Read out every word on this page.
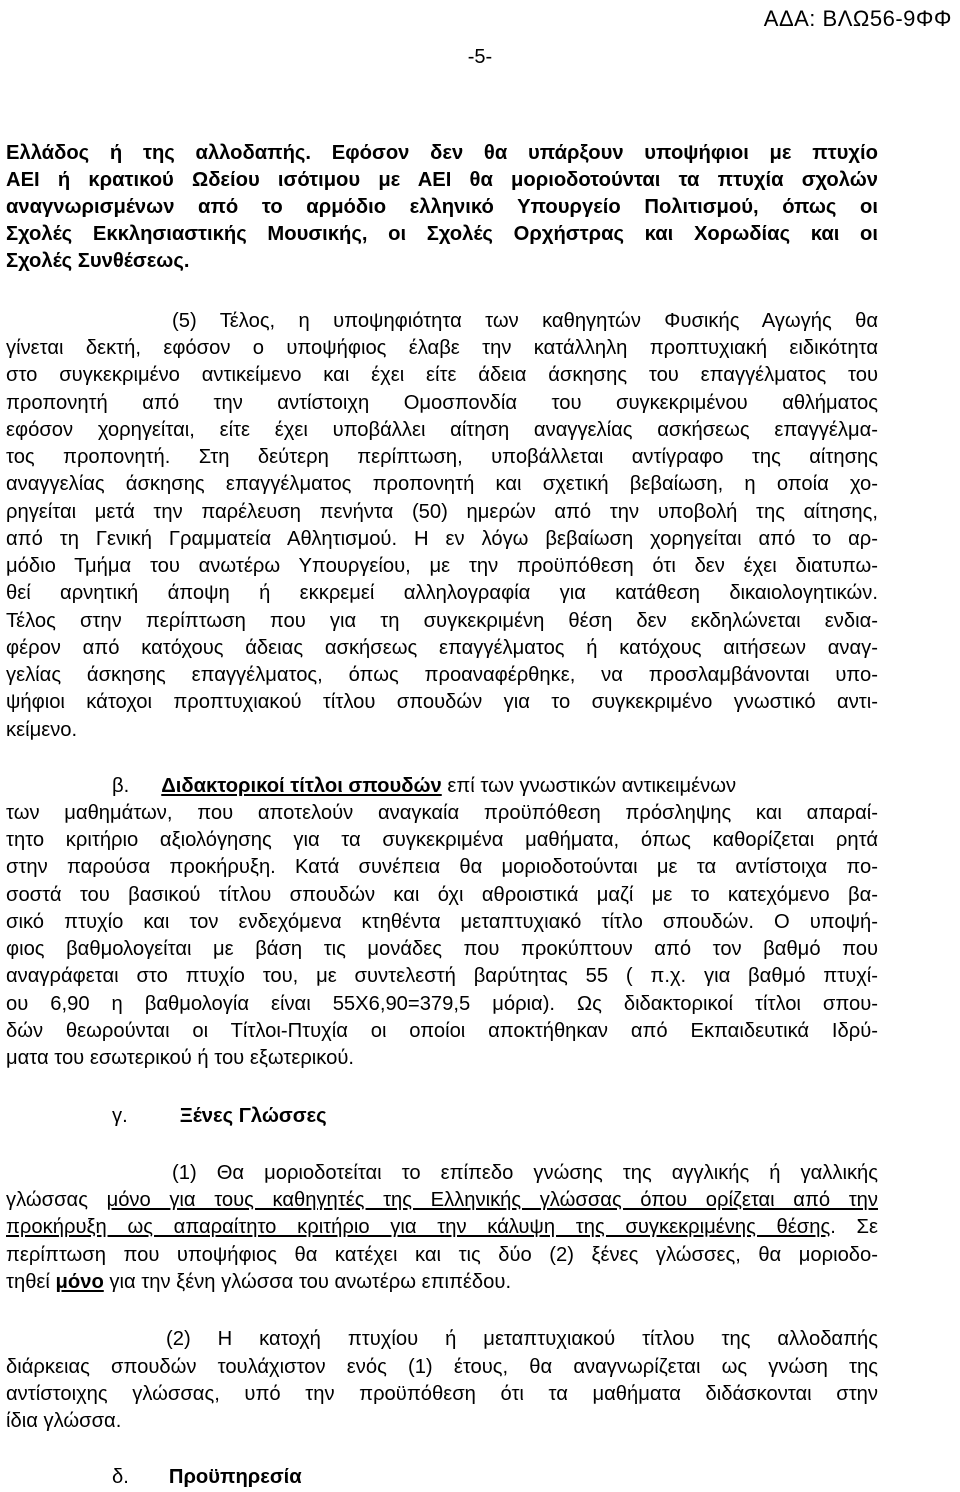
ΑΔΑ: ΒΛΩ56-9ΦΦ
-5-
Ελλάδος ή της αλλοδαπής. Εφόσον δεν θα υπάρξουν υποψήφιοι με πτυχίο
ΑΕΙ ή κρατικού Ωδείου ισότιμου με ΑΕΙ θα μοριοδοτούνται τα πτυχία σχολών
αναγνωρισμένων από το αρμόδιο ελληνικό Υπουργείο Πολιτισμού, όπως οι
Σχολές Εκκλησιαστικής Μουσικής, οι Σχολές Ορχήστρας και Χορωδίας και οι
Σχολές Συνθέσεως.
(5) Τέλος, η υποψηφιότητα των καθηγητών Φυσικής Αγωγής θα
γίνεται δεκτή, εφόσον ο υποψήφιος έλαβε την κατάλληλη προπτυχιακή ειδικότητα
στο συγκεκριμένο αντικείμενο και έχει είτε άδεια άσκησης του επαγγέλματος του
προπονητή από την αντίστοιχη Ομοσπονδία του συγκεκριμένου αθλήματος
εφόσον χορηγείται, είτε έχει υποβάλλει αίτηση αναγγελίας ασκήσεως επαγγέλμα-
τος προπονητή. Στη δεύτερη περίπτωση, υποβάλλεται αντίγραφο της αίτησης
αναγγελίας άσκησης επαγγέλματος προπονητή και σχετική βεβαίωση, η οποία χο-
ρηγείται μετά την παρέλευση πενήντα (50) ημερών από την υποβολή της αίτησης,
από τη Γενική Γραμματεία Αθλητισμού. Η εν λόγω βεβαίωση χορηγείται από το αρ-
μόδιο Τμήμα του ανωτέρω Υπουργείου, με την προϋπόθεση ότι δεν έχει διατυπω-
θεί αρνητική άποψη ή εκκρεμεί αλληλογραφία για κατάθεση δικαιολογητικών.
Τέλος στην περίπτωση που για τη συγκεκριμένη θέση δεν εκδηλώνεται ενδια-
φέρον από κατόχους άδειας ασκήσεως επαγγέλματος ή κατόχους αιτήσεων αναγ-
γελίας άσκησης επαγγέλματος, όπως προαναφέρθηκε, να προσλαμβάνονται υπο-
ψήφιοι κάτοχοι προπτυχιακού τίτλου σπουδών για το συγκεκριμένο γνωστικό αντι-
κείμενο.
β. Διδακτορικοί τίτλοι σπουδών επί των γνωστικών αντικειμένων
των μαθημάτων, που αποτελούν αναγκαία προϋπόθεση πρόσληψης και απαραί-
τητο κριτήριο αξιολόγησης για τα συγκεκριμένα μαθήματα, όπως καθορίζεται ρητά
στην παρούσα προκήρυξη. Κατά συνέπεια θα μοριοδοτούνται με τα αντίστοιχα πο-
σοστά του βασικού τίτλου σπουδών και όχι αθροιστικά μαζί με το κατεχόμενο βα-
σικό πτυχίο και τον ενδεχόμενα κτηθέντα μεταπτυχιακό τίτλο σπουδών. Ο υποψή-
φιος βαθμολογείται με βάση τις μονάδες που προκύπτουν από τον βαθμό που
αναγράφεται στο πτυχίο του, με συντελεστή βαρύτητας 55 ( π.χ. για βαθμό πτυχί-
ου 6,90 η βαθμολογία είναι 55Χ6,90=379,5 μόρια). Ως διδακτορικοί τίτλοι σπου-
δών θεωρούνται οι Τίτλοι-Πτυχία οι οποίοι αποκτήθηκαν από Εκπαιδευτικά Ιδρύ-
ματα του εσωτερικού ή του εξωτερικού.
γ.	Ξένες Γλώσσες
(1) Θα μοριοδοτείται το επίπεδο γνώσης της αγγλικής ή γαλλικής
γλώσσας μόνο για τους καθηγητές της Ελληνικής γλώσσας όπου ορίζεται από την
προκήρυξη ως απαραίτητο κριτήριο για την κάλυψη της συγκεκριμένης θέσης. Σε
περίπτωση που υποψήφιος θα κατέχει και τις δύο (2) ξένες γλώσσες, θα μοριοδο-
τηθεί μόνο για την ξένη γλώσσα του ανωτέρω επιπέδου.
(2) Η κατοχή πτυχίου ή μεταπτυχιακού τίτλου της αλλοδαπής
διάρκειας σπουδών τουλάχιστον ενός (1) έτους, θα αναγνωρίζεται ως γνώση της
αντίστοιχης γλώσσας, υπό την προϋπόθεση ότι τα μαθήματα διδάσκονται στην
ίδια γλώσσα.
δ. Προϋπηρεσία
